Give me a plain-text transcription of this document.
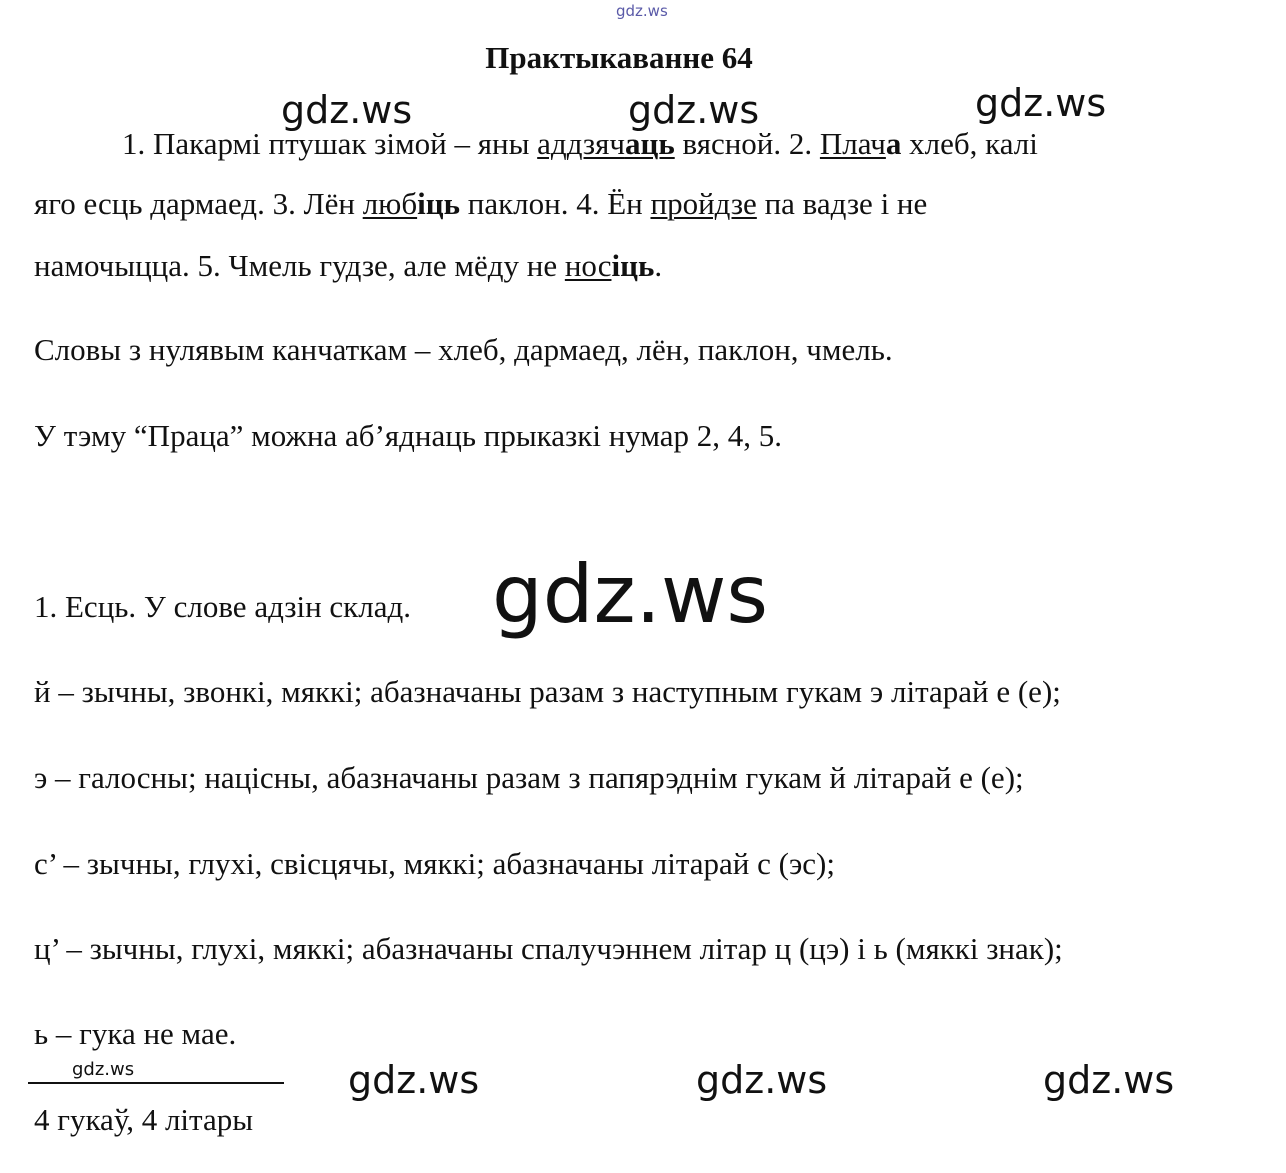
gdz.ws
gdz.ws	gdz.ws	gdz.ws
Практыкаванне 64
1. Пакармі птушак зімой – яны аддзячаць вясной. 2. Плача хлеб, калі
яго есць дармаед. 3. Лён любіць паклон. 4. Ён пройдзе па вадзе і не
намочыцца. 5. Чмель гудзе, але мёду не носіць.
Словы з нулявым канчаткам – хлеб, дармаед, лён, паклон, чмель.
У тэму “Праца” можна аб’яднаць прыказкі нумар 2, 4, 5.
gdz.ws
1. Есць. У слове адзін склад.
й – зычны, звонкі, мяккі; абазначаны разам з наступным гукам э літарай е (е);
э – галосны; націсны, абазначаны разам з папярэднім гукам й літарай е (е);
с’ – зычны, глухі, свісцячы, мяккі; абазначаны літарай с (эс);
ц’ – зычны, глухі, мяккі; абазначаны спалучэннем літар ц (цэ) і ь (мяккі знак);
ь – гука не мае.
gdz.ws	gdz.ws	gdz.ws	gdz.ws
4 гукаў, 4 літары
